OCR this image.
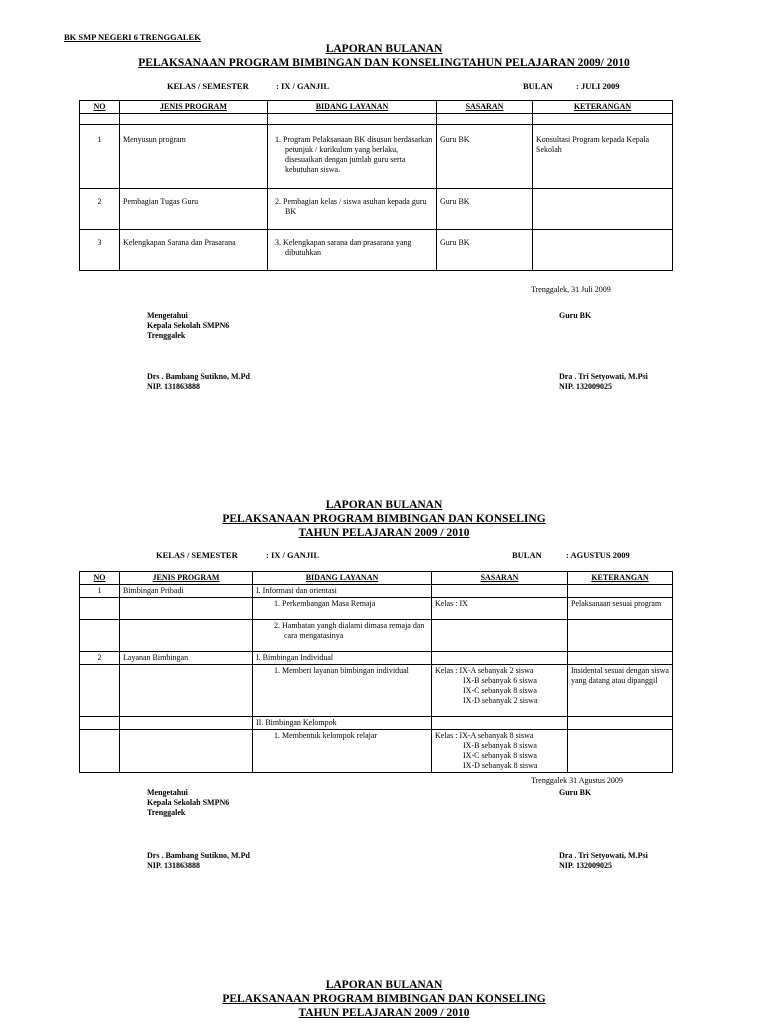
BK SMP NEGERI 6 TRENGGALEK
LAPORAN BULANAN
PELAKSANAAN PROGRAM BIMBINGAN DAN KONSELINGTAHUN PELAJARAN 2009/ 2010
KELAS / SEMESTER	: IX / GANJIL	BULAN	: JULI 2009
NO	JENIS PROGRAM	BIDANG LAYANAN	SASARAN	KETERANGAN

1	Menyusun program	1. Program Pelaksanaan BK disusun berdasarkan petunjuk / kurikulum yang berlaku, disesuaikan dengan jumlah guru serta kebutuhan siswa.	Guru BK	Konsultasi Program kepada Kepala Sekolah
2	Pembagian Tugas Guru	2. Pembagian kelas / siswa asuhan kepada guru BK	Guru BK	
3	Kelengkapan Sarana dan Prasarana	3. Kelengkapan sarana dan prasarana yang dibutuhkan	Guru BK	
Trenggalek, 31 Juli 2009
Mengetahui
Kepala Sekolah SMPN6
Trenggalek
Guru BK
Drs . Bambang Sutikno, M.Pd
NIP. 131863888
Dra . Tri Setyowati, M.Psi
NIP. 132009025
LAPORAN BULANAN
PELAKSANAAN PROGRAM BIMBINGAN DAN KONSELING
TAHUN PELAJARAN 2009 / 2010
KELAS / SEMESTER	: IX / GANJIL	BULAN	: AGUSTUS 2009
NO	JENIS PROGRAM	BIDANG LAYANAN	SASARAN	KETERANGAN
1	Bimbingan Pribadi	I. Informasi dan orientasi		

		1. Perkembangan Masa Remaja	Kelas : IX	Pelaksanaan sesuai program

		2. Hambatan yangh dialami dimasa remaja dan cara mengatasinya		

2	Layanan Bimbingan	I. Bimbingan Individual		

		1. Memberi layanan bimbingan individual	Kelas : IX-A sebanyak 2 siswa
IX-B sebanyak 6 siswa
IX-C sebanyak 8 siswa
IX-D sebanyak 2 siswa	Insidental sesuai dengan siswa yang datang atau dipanggil
		II. Bimbingan Kelompok		

		1. Membentuk kelompok relajar	Kelas : IX-A sebanyak 8 siswa
IX-B sebanyak 8 siswa
IX-C sebanyak 8 siswa
IX-D sebanyak 8 siswa	

Trenggalek 31 Agustus 2009
Mengetahui
Kepala Sekolah SMPN6
Trenggalek
Guru BK
Drs . Bambang Sutikno, M.Pd
NIP. 131863888
Dra . Tri Setyowati, M.Psi
NIP. 132009025
LAPORAN BULANAN
PELAKSANAAN PROGRAM BIMBINGAN DAN KONSELING
TAHUN PELAJARAN 2009 / 2010
